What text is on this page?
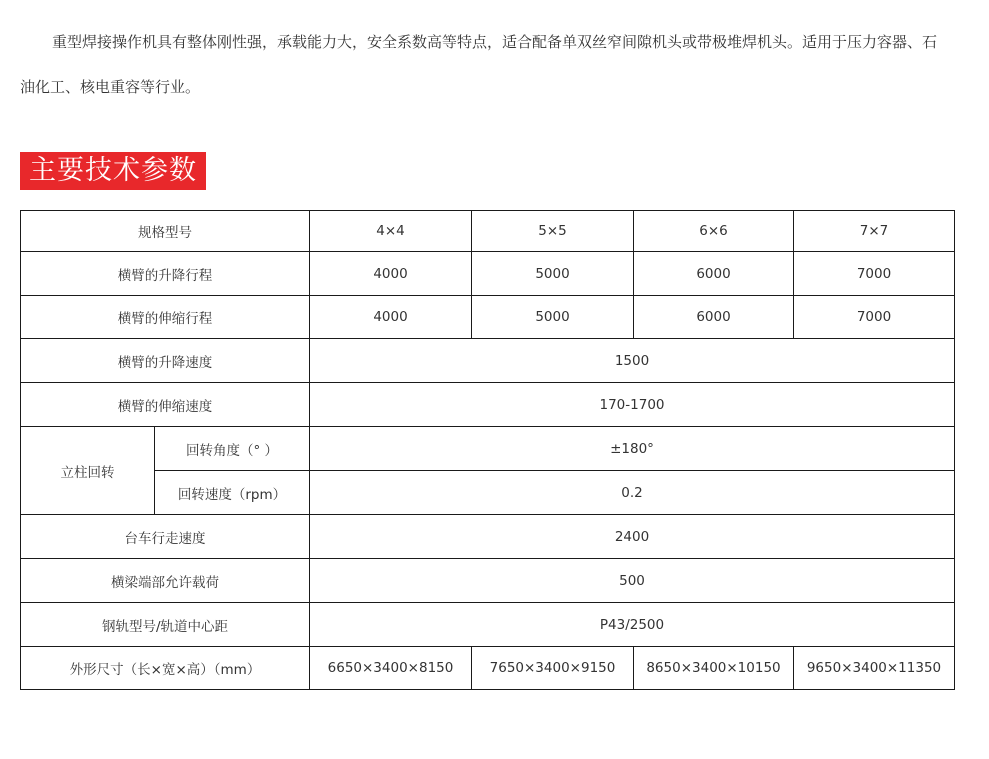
重型焊接操作机具有整体刚性强，承载能力大，安全系数高等特点，适合配备单双丝窄间隙机头或带极堆焊机头。适用于压力容器、石油化工、核电重容等行业。

主要技术参数
规格型号		4×4	5×5	6×6	7×7
横臂的升降行程		4000	5000	6000	7000
横臂的伸缩行程		4000	5000	6000	7000
横臂的升降速度		1500			
横臂的伸缩速度		170-1700			
立柱回转	回转角度（° ）	±180°			
	回转速度（rpm）	0.2			
台车行走速度		2400			
横梁端部允许载荷		500			
钢轨型号/轨道中心距		P43/2500			
外形尺寸（长×宽×高）（mm）		6650×3400×8150	7650×3400×9150	8650×3400×10150	9650×3400×11350
